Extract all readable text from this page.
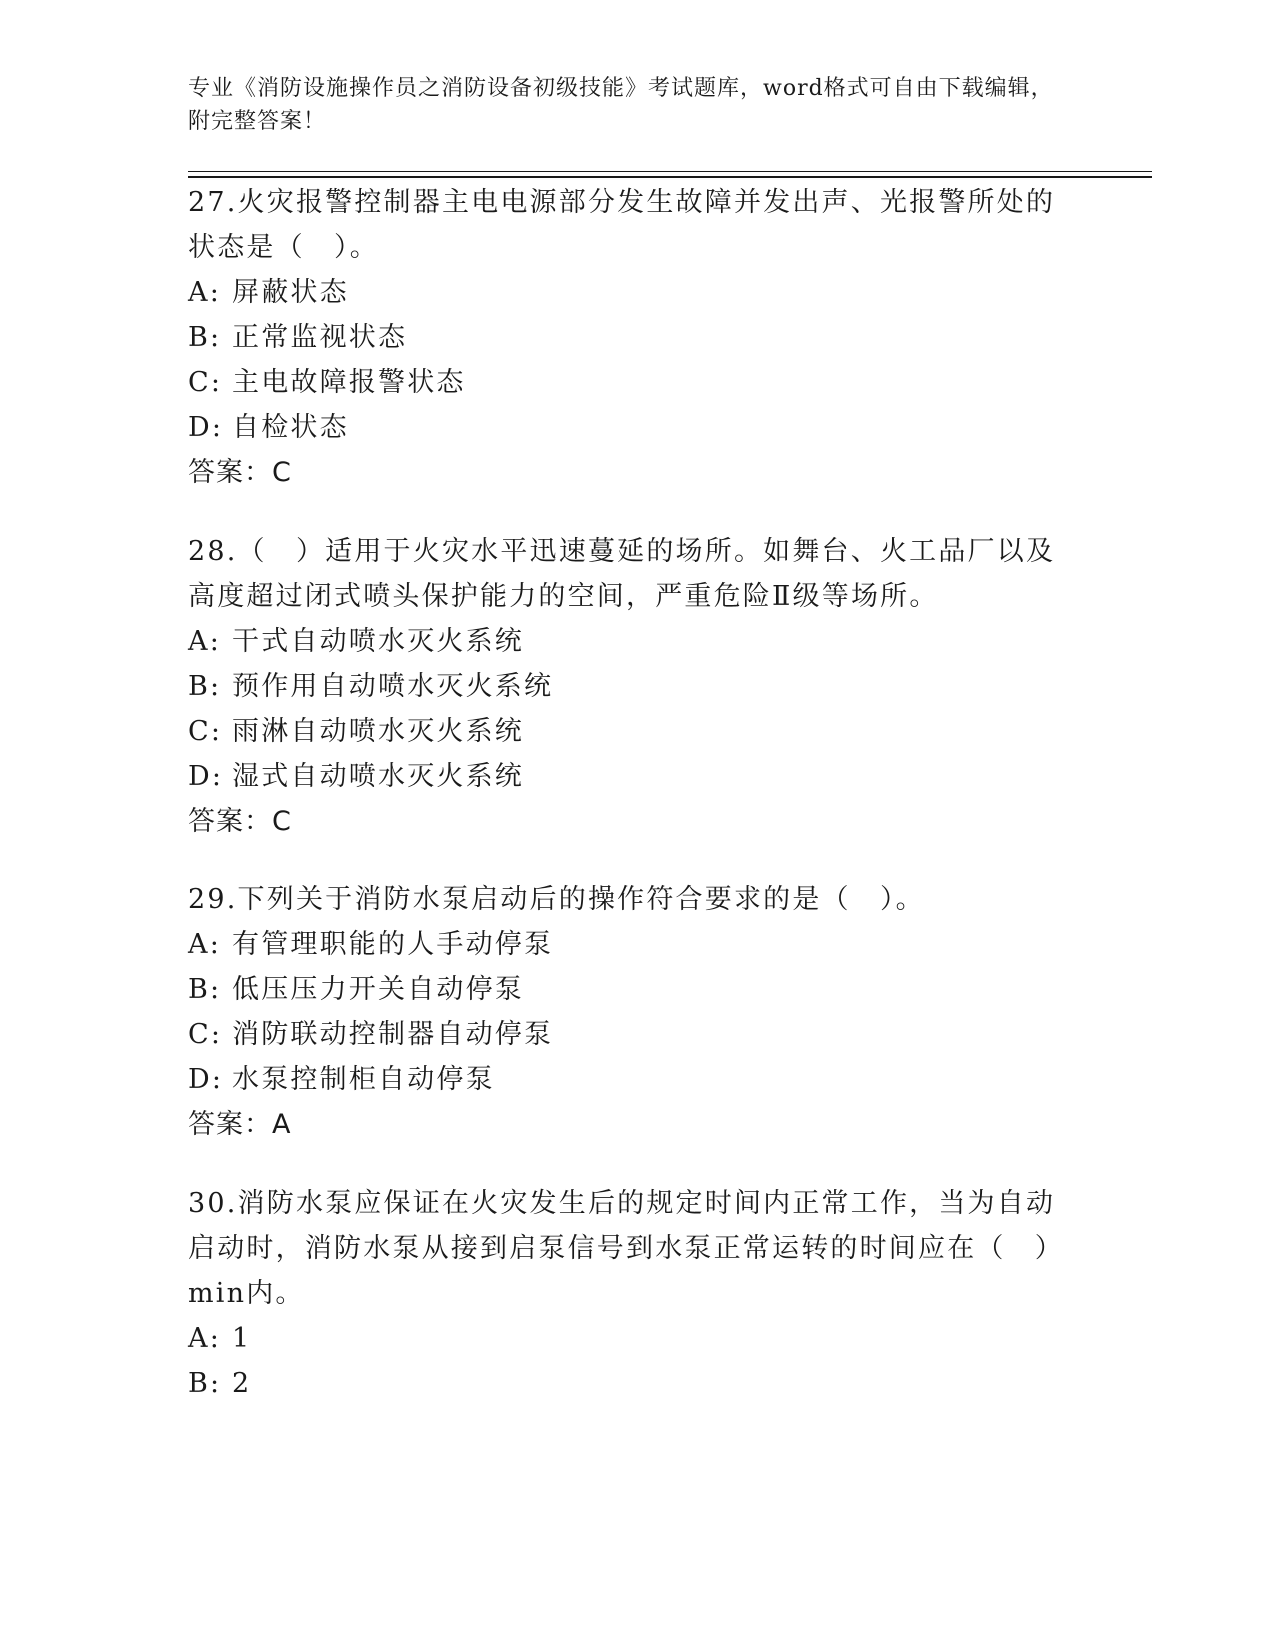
专业《消防设施操作员之消防设备初级技能》考试题库，word格式可自由下载编辑，附完整答案！

27.火灾报警控制器主电电源部分发生故障并发出声、光报警所处的状态是（　）。

A: 屏蔽状态

B: 正常监视状态

C: 主电故障报警状态

D: 自检状态

答案：C

28.（　）适用于火灾水平迅速蔓延的场所。如舞台、火工品厂以及高度超过闭式喷头保护能力的空间，严重危险Ⅱ级等场所。

A: 干式自动喷水灭火系统

B: 预作用自动喷水灭火系统

C: 雨淋自动喷水灭火系统

D: 湿式自动喷水灭火系统

答案：C

29.下列关于消防水泵启动后的操作符合要求的是（　）。

A: 有管理职能的人手动停泵

B: 低压压力开关自动停泵

C: 消防联动控制器自动停泵

D: 水泵控制柜自动停泵

答案：A

30.消防水泵应保证在火灾发生后的规定时间内正常工作，当为自动启动时，消防水泵从接到启泵信号到水泵正常运转的时间应在（　）min内。

A: 1

B: 2
